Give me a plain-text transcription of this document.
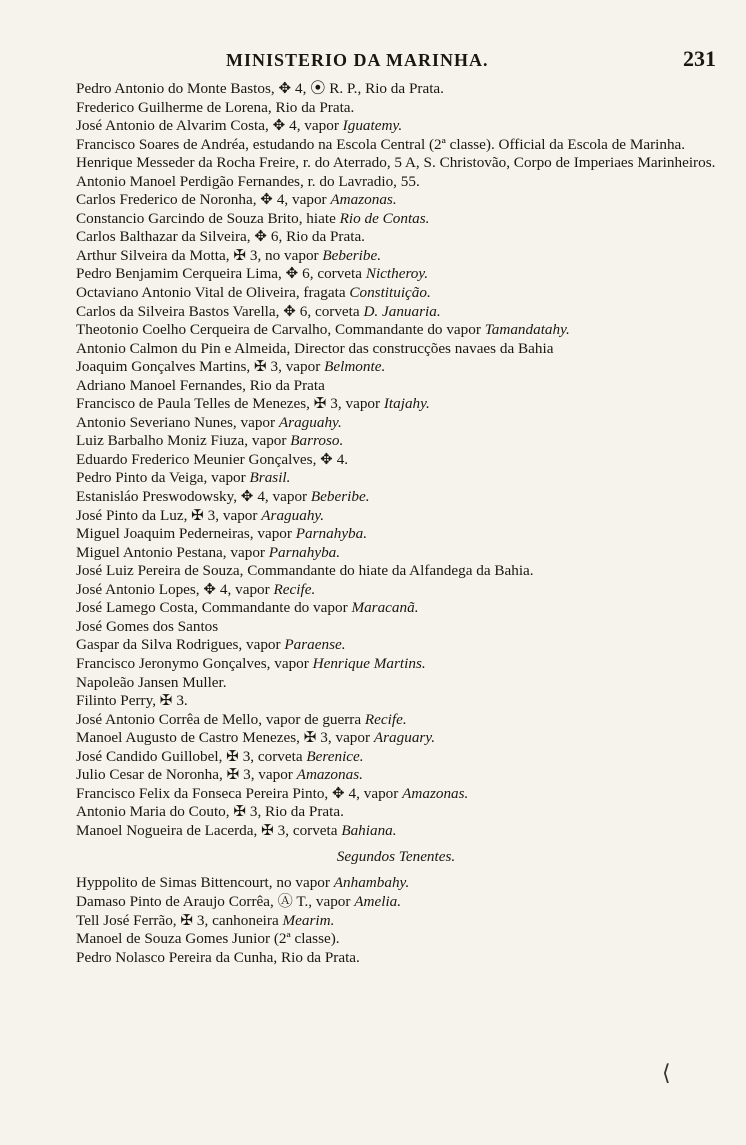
MINISTERIO DA MARINHA.	231
Pedro Antonio do Monte Bastos, ✥ 4, ⦿ R. P., Rio da Prata.
Frederico Guilherme de Lorena, Rio da Prata.
José Antonio de Alvarim Costa, ✥ 4, vapor Iguatemy.
Francisco Soares de Andréa, estudando na Escola Central (2ª classe). Official da Escola de Marinha.
Henrique Messeder da Rocha Freire, r. do Aterrado, 5 A, S. Christovão, Corpo de Imperiaes Marinheiros.
Antonio Manoel Perdigão Fernandes, r. do Lavradio, 55.
Carlos Frederico de Noronha, ✥ 4, vapor Amazonas.
Constancio Garcindo de Souza Brito, hiate Rio de Contas.
Carlos Balthazar da Silveira, ✥ 6, Rio da Prata.
Arthur Silveira da Motta, ✠ 3, no vapor Beberibe.
Pedro Benjamim Cerqueira Lima, ✥ 6, corveta Nictheroy.
Octaviano Antonio Vital de Oliveira, fragata Constituição.
Carlos da Silveira Bastos Varella, ✥ 6, corveta D. Januaria.
Theotonio Coelho Cerqueira de Carvalho, Commandante do vapor Tamandatahy.
Antonio Calmon du Pin e Almeida, Director das construcções navaes da Bahia
Joaquim Gonçalves Martins, ✠ 3, vapor Belmonte.
Adriano Manoel Fernandes, Rio da Prata
Francisco de Paula Telles de Menezes, ✠ 3, vapor Itajahy.
Antonio Severiano Nunes, vapor Araguahy.
Luiz Barbalho Moniz Fiuza, vapor Barroso.
Eduardo Frederico Meunier Gonçalves, ✥ 4.
Pedro Pinto da Veiga, vapor Brasil.
Estanisláo Preswodowsky, ✥ 4, vapor Beberibe.
José Pinto da Luz, ✠ 3, vapor Araguahy.
Miguel Joaquim Pederneiras, vapor Parnahyba.
Miguel Antonio Pestana, vapor Parnahyba.
José Luiz Pereira de Souza, Commandante do hiate da Alfandega da Bahia.
José Antonio Lopes, ✥ 4, vapor Recife.
José Lamego Costa, Commandante do vapor Maracanã.
José Gomes dos Santos
Gaspar da Silva Rodrigues, vapor Paraense.
Francisco Jeronymo Gonçalves, vapor Henrique Martins.
Napoleão Jansen Muller.
Filinto Perry, ✠ 3.
José Antonio Corrêa de Mello, vapor de guerra Recife.
Manoel Augusto de Castro Menezes, ✠ 3, vapor Araguary.
José Candido Guillobel, ✠ 3, corveta Berenice.
Julio Cesar de Noronha, ✠ 3, vapor Amazonas.
Francisco Felix da Fonseca Pereira Pinto, ✥ 4, vapor Amazonas.
Antonio Maria do Couto, ✠ 3, Rio da Prata.
Manoel Nogueira de Lacerda, ✠ 3, corveta Bahiana.
Segundos Tenentes.
Hyppolito de Simas Bittencourt, no vapor Anhambahy.
Damaso Pinto de Araujo Corrêa, Ⓐ T., vapor Amelia.
Tell José Ferrão, ✠ 3, canhoneira Mearim.
Manoel de Souza Gomes Junior (2ª classe).
Pedro Nolasco Pereira da Cunha, Rio da Prata.
⟨
